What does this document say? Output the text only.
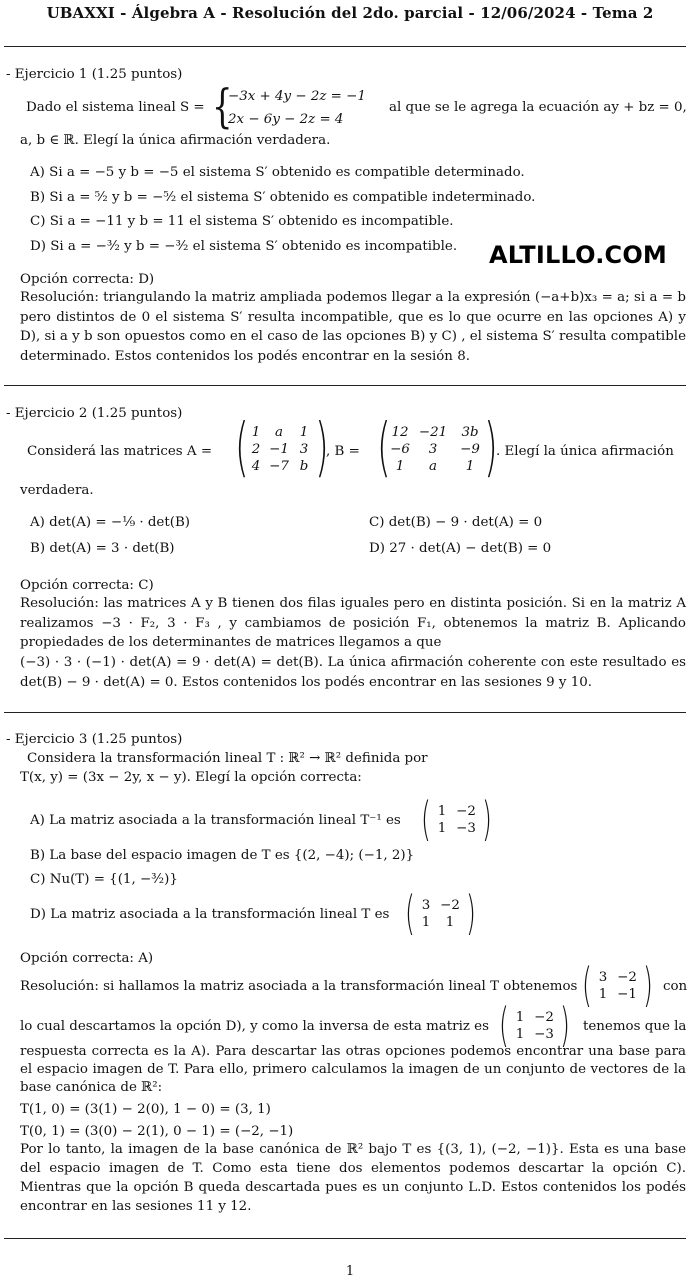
UBAXXI - Álgebra A - Resolución del 2do. parcial - 12/06/2024 - Tema 2
- Ejercicio 1 (1.25 puntos)
Dado el sistema lineal S = {
−3x + 4y − 2z = −1
2x − 6y − 2z = 4
al que se le agrega la ecuación ay + bz = 0,
a, b ∈ ℝ. Elegí la única afirmación verdadera.
A) Si a = −5 y b = −5 el sistema S′ obtenido es compatible determinado.
B) Si a = ⁵⁄₂ y b = −⁵⁄₂ el sistema S′ obtenido es compatible indeterminado.
C) Si a = −11 y b = 11 el sistema S′ obtenido es incompatible.
D) Si a = −³⁄₂ y b = −³⁄₂ el sistema S′ obtenido es incompatible. ALTILLO.COM
Opción correcta: D)
Resolución: triangulando la matriz ampliada podemos llegar a la expresión (−a+b)x₃ = a; si a = b pero distintos de 0 el sistema S′ resulta incompatible, que es lo que ocurre en las opciones A) y D), si a y b son opuestos como en el caso de las opciones B) y C) , el sistema S′ resulta compatible determinado. Estos contenidos los podés encontrar en la sesión 8.
- Ejercicio 2 (1.25 puntos)
Considerá las matrices A = ( 1 a 1
2 −1 3
4 −7 b )
, B = ( 12 −21 3b
−6 3 −9
1 a 1 )
. Elegí la única afirmación
verdadera.
A) det(A) = −¹⁄₉ · det(B)	C) det(B) − 9 · det(A) = 0
B) det(A) = 3 · det(B)	D) 27 · det(A) − det(B) = 0
Opción correcta: C)
Resolución: las matrices A y B tienen dos filas iguales pero en distinta posición. Si en la matriz A realizamos −3 · F₂, 3 · F₃ , y cambiamos de posición F₁, obtenemos la matriz B. Aplicando propiedades de los determinantes de matrices llegamos a que
(−3) · 3 · (−1) · det(A) = 9 · det(A) = det(B). La única afirmación coherente con este resultado es det(B) − 9 · det(A) = 0. Estos contenidos los podés encontrar en las sesiones 9 y 10.
- Ejercicio 3 (1.25 puntos)
Considera la transformación lineal T : ℝ² → ℝ² definida por
T(x, y) = (3x − 2y, x − y). Elegí la opción correcta:
A) La matriz asociada a la transformación lineal T⁻¹ es ( 1 −2
1 −3 )
B) La base del espacio imagen de T es {(2, −4); (−1, 2)}
C) Nu(T) = {(1, −³⁄₂)}
D) La matriz asociada a la transformación lineal T es ( 3 −2
1 1 )
Opción correcta: A)
Resolución: si hallamos la matriz asociada a la transformación lineal T obtenemos ( 3 −2
1 −1 ) con
lo cual descartamos la opción D), y como la inversa de esta matriz es ( 1 −2
1 −3 ) tenemos que la
respuesta correcta es la A). Para descartar las otras opciones podemos encontrar una base para el espacio imagen de T. Para ello, primero calculamos la imagen de un conjunto de vectores de la base canónica de ℝ²:
T(1, 0) = (3(1) − 2(0), 1 − 0) = (3, 1)
T(0, 1) = (3(0) − 2(1), 0 − 1) = (−2, −1)
Por lo tanto, la imagen de la base canónica de ℝ² bajo T es {(3, 1), (−2, −1)}. Esta es una base del espacio imagen de T. Como esta tiene dos elementos podemos descartar la opción C). Mientras que la opción B queda descartada pues es un conjunto L.D. Estos contenidos los podés encontrar en las sesiones 11 y 12.
1
